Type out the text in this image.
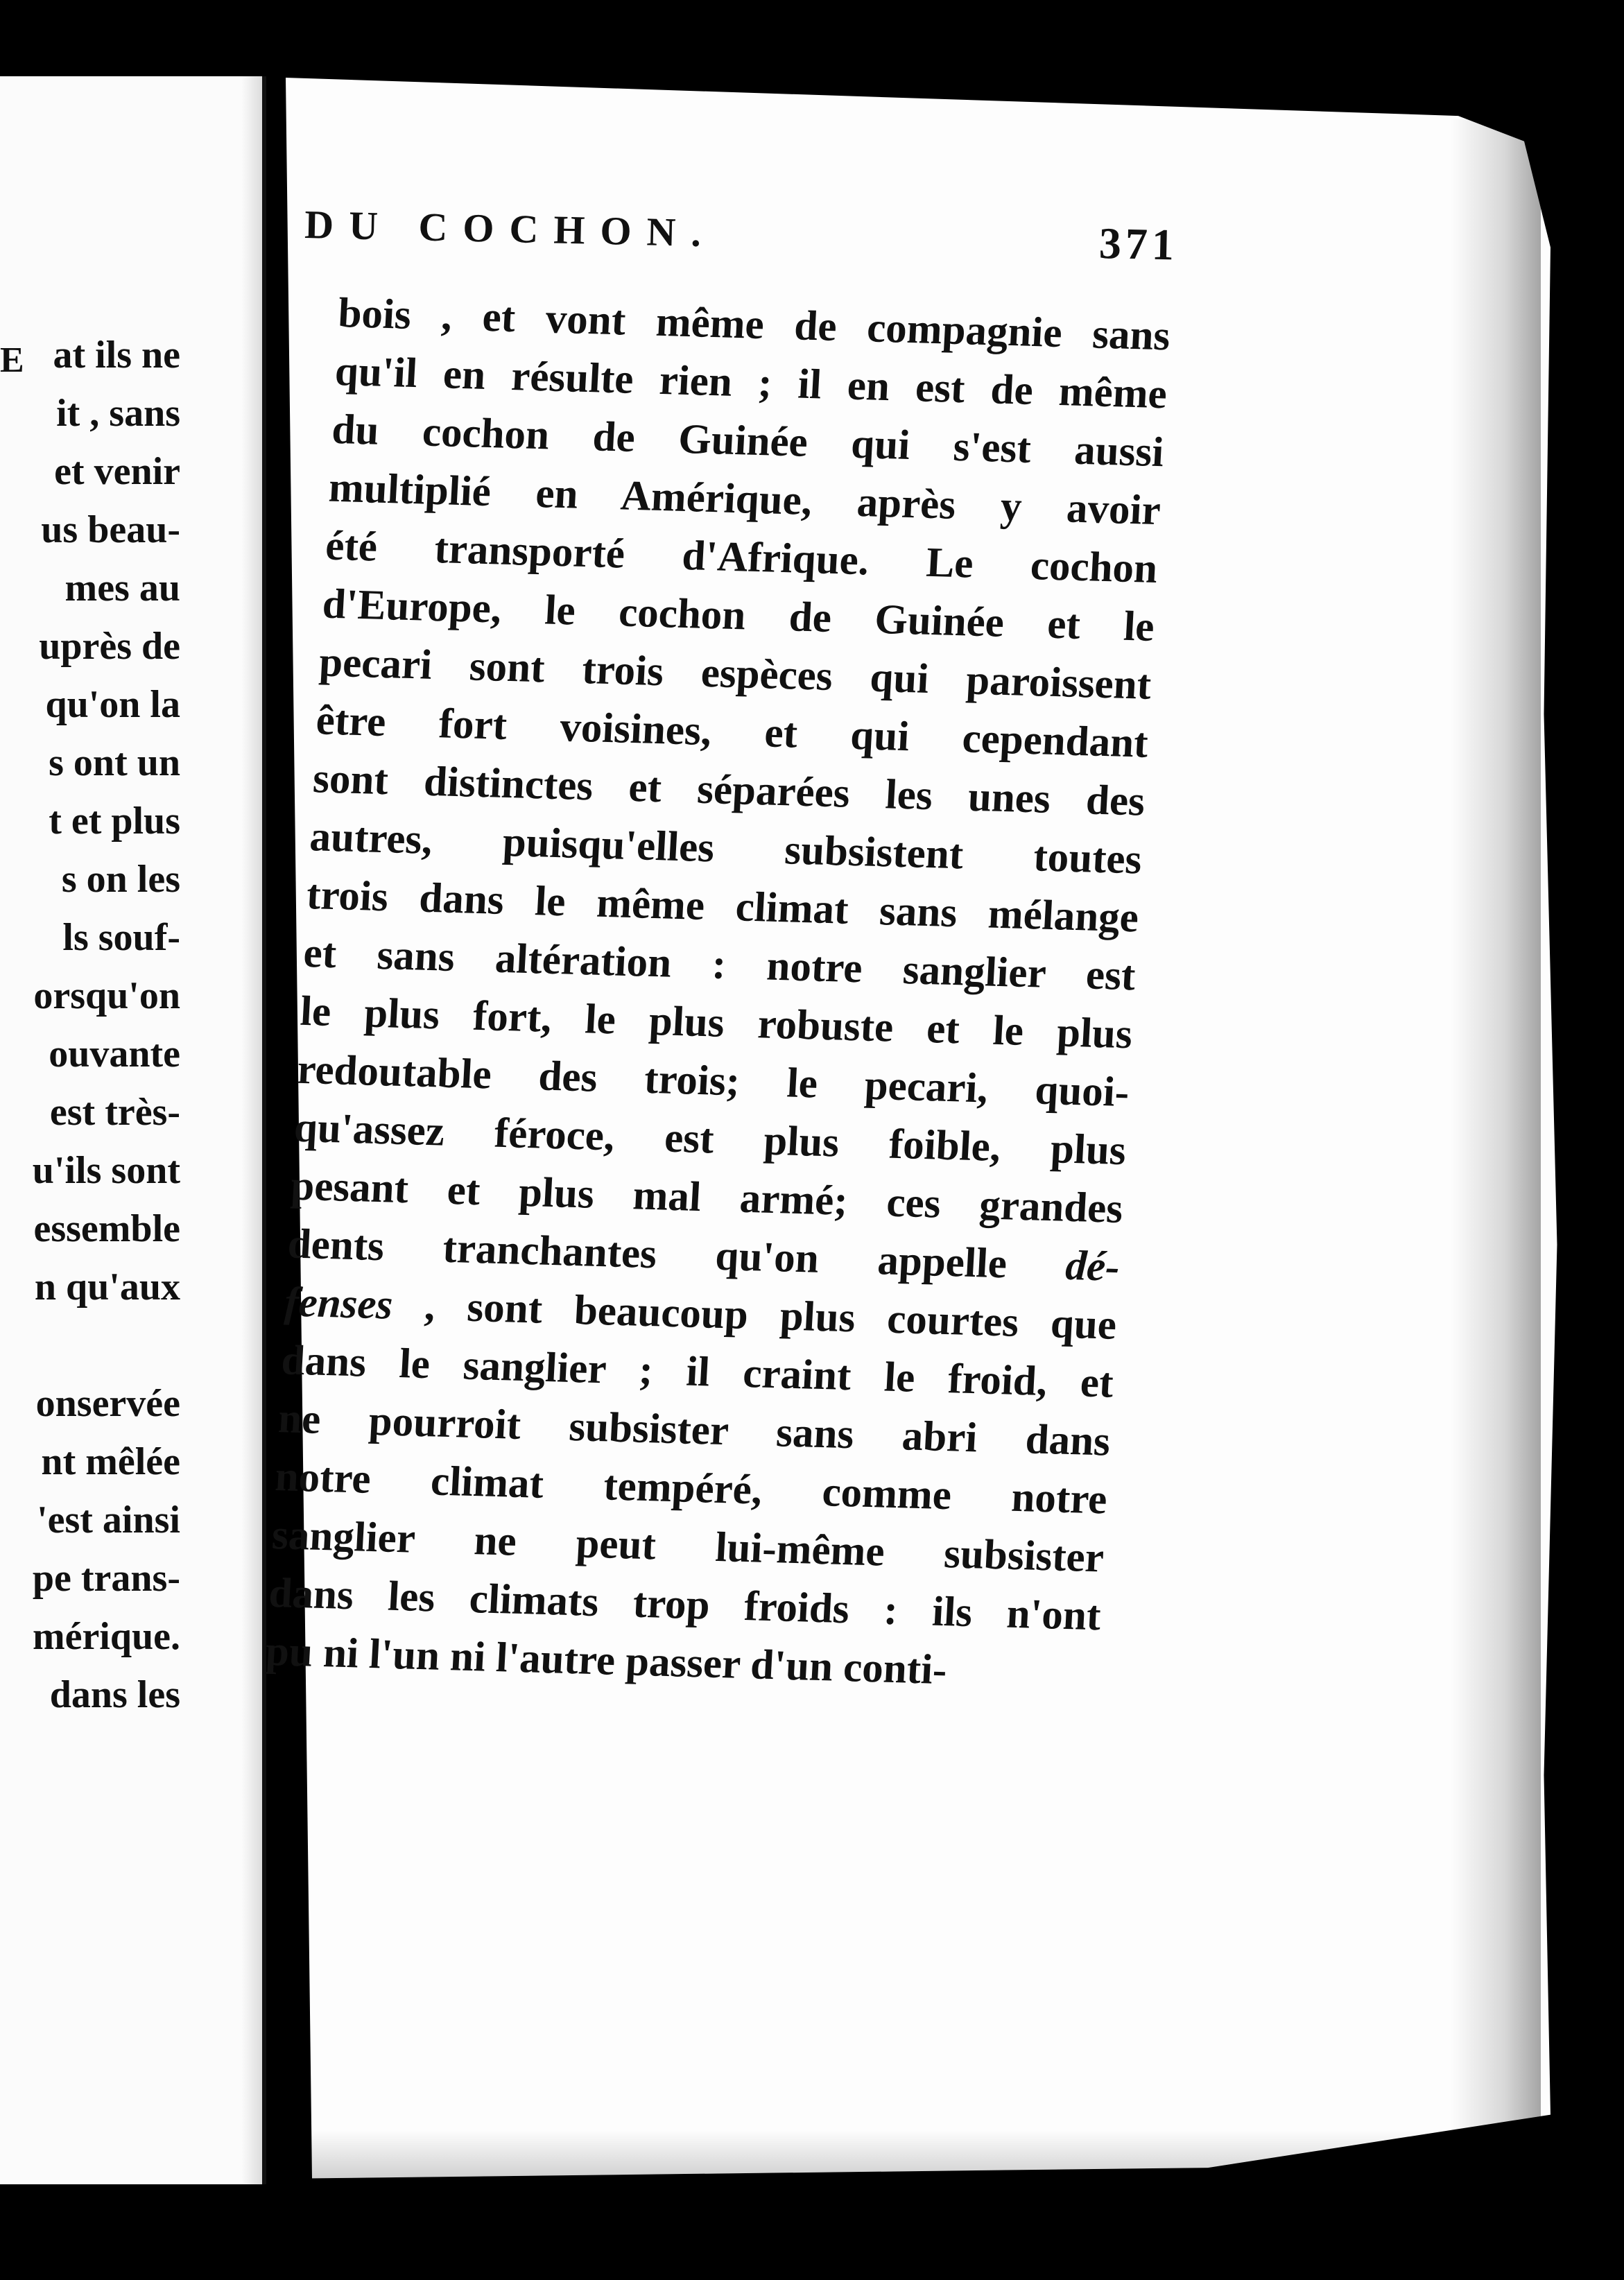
E at ils ne
it , sans
et venir
us beau-
mes au
uprès de
qu'on la
s ont un
t et plus
s on les
ls souf-
orsqu'on
ouvante
est très-
u'ils sont
essemble
n qu'aux
onservée
nt mêlée
'est ainsi
pe trans-
mérique.
dans les
DU COCHON.	371
bois , et vont même de compagnie sans
qu'il en résulte rien ; il en est de même
du cochon de Guinée qui s'est aussi
multiplié en Amérique, après y avoir
été transporté d'Afrique. Le cochon
d'Europe, le cochon de Guinée et le
pecari sont trois espèces qui paroissent
être fort voisines, et qui cependant
sont distinctes et séparées les unes des
autres, puisqu'elles subsistent toutes
trois dans le même climat sans mélange
et sans altération : notre sanglier est
le plus fort, le plus robuste et le plus
redoutable des trois; le pecari, quoi-
qu'assez féroce, est plus foible, plus
pesant et plus mal armé; ces grandes
dents tranchantes qu'on appelle dé-
fenses , sont beaucoup plus courtes que
dans le sanglier ; il craint le froid, et
ne pourroit subsister sans abri dans
notre climat tempéré, comme notre
sanglier ne peut lui-même subsister
dans les climats trop froids : ils n'ont
pu ni l'un ni l'autre passer d'un conti-
